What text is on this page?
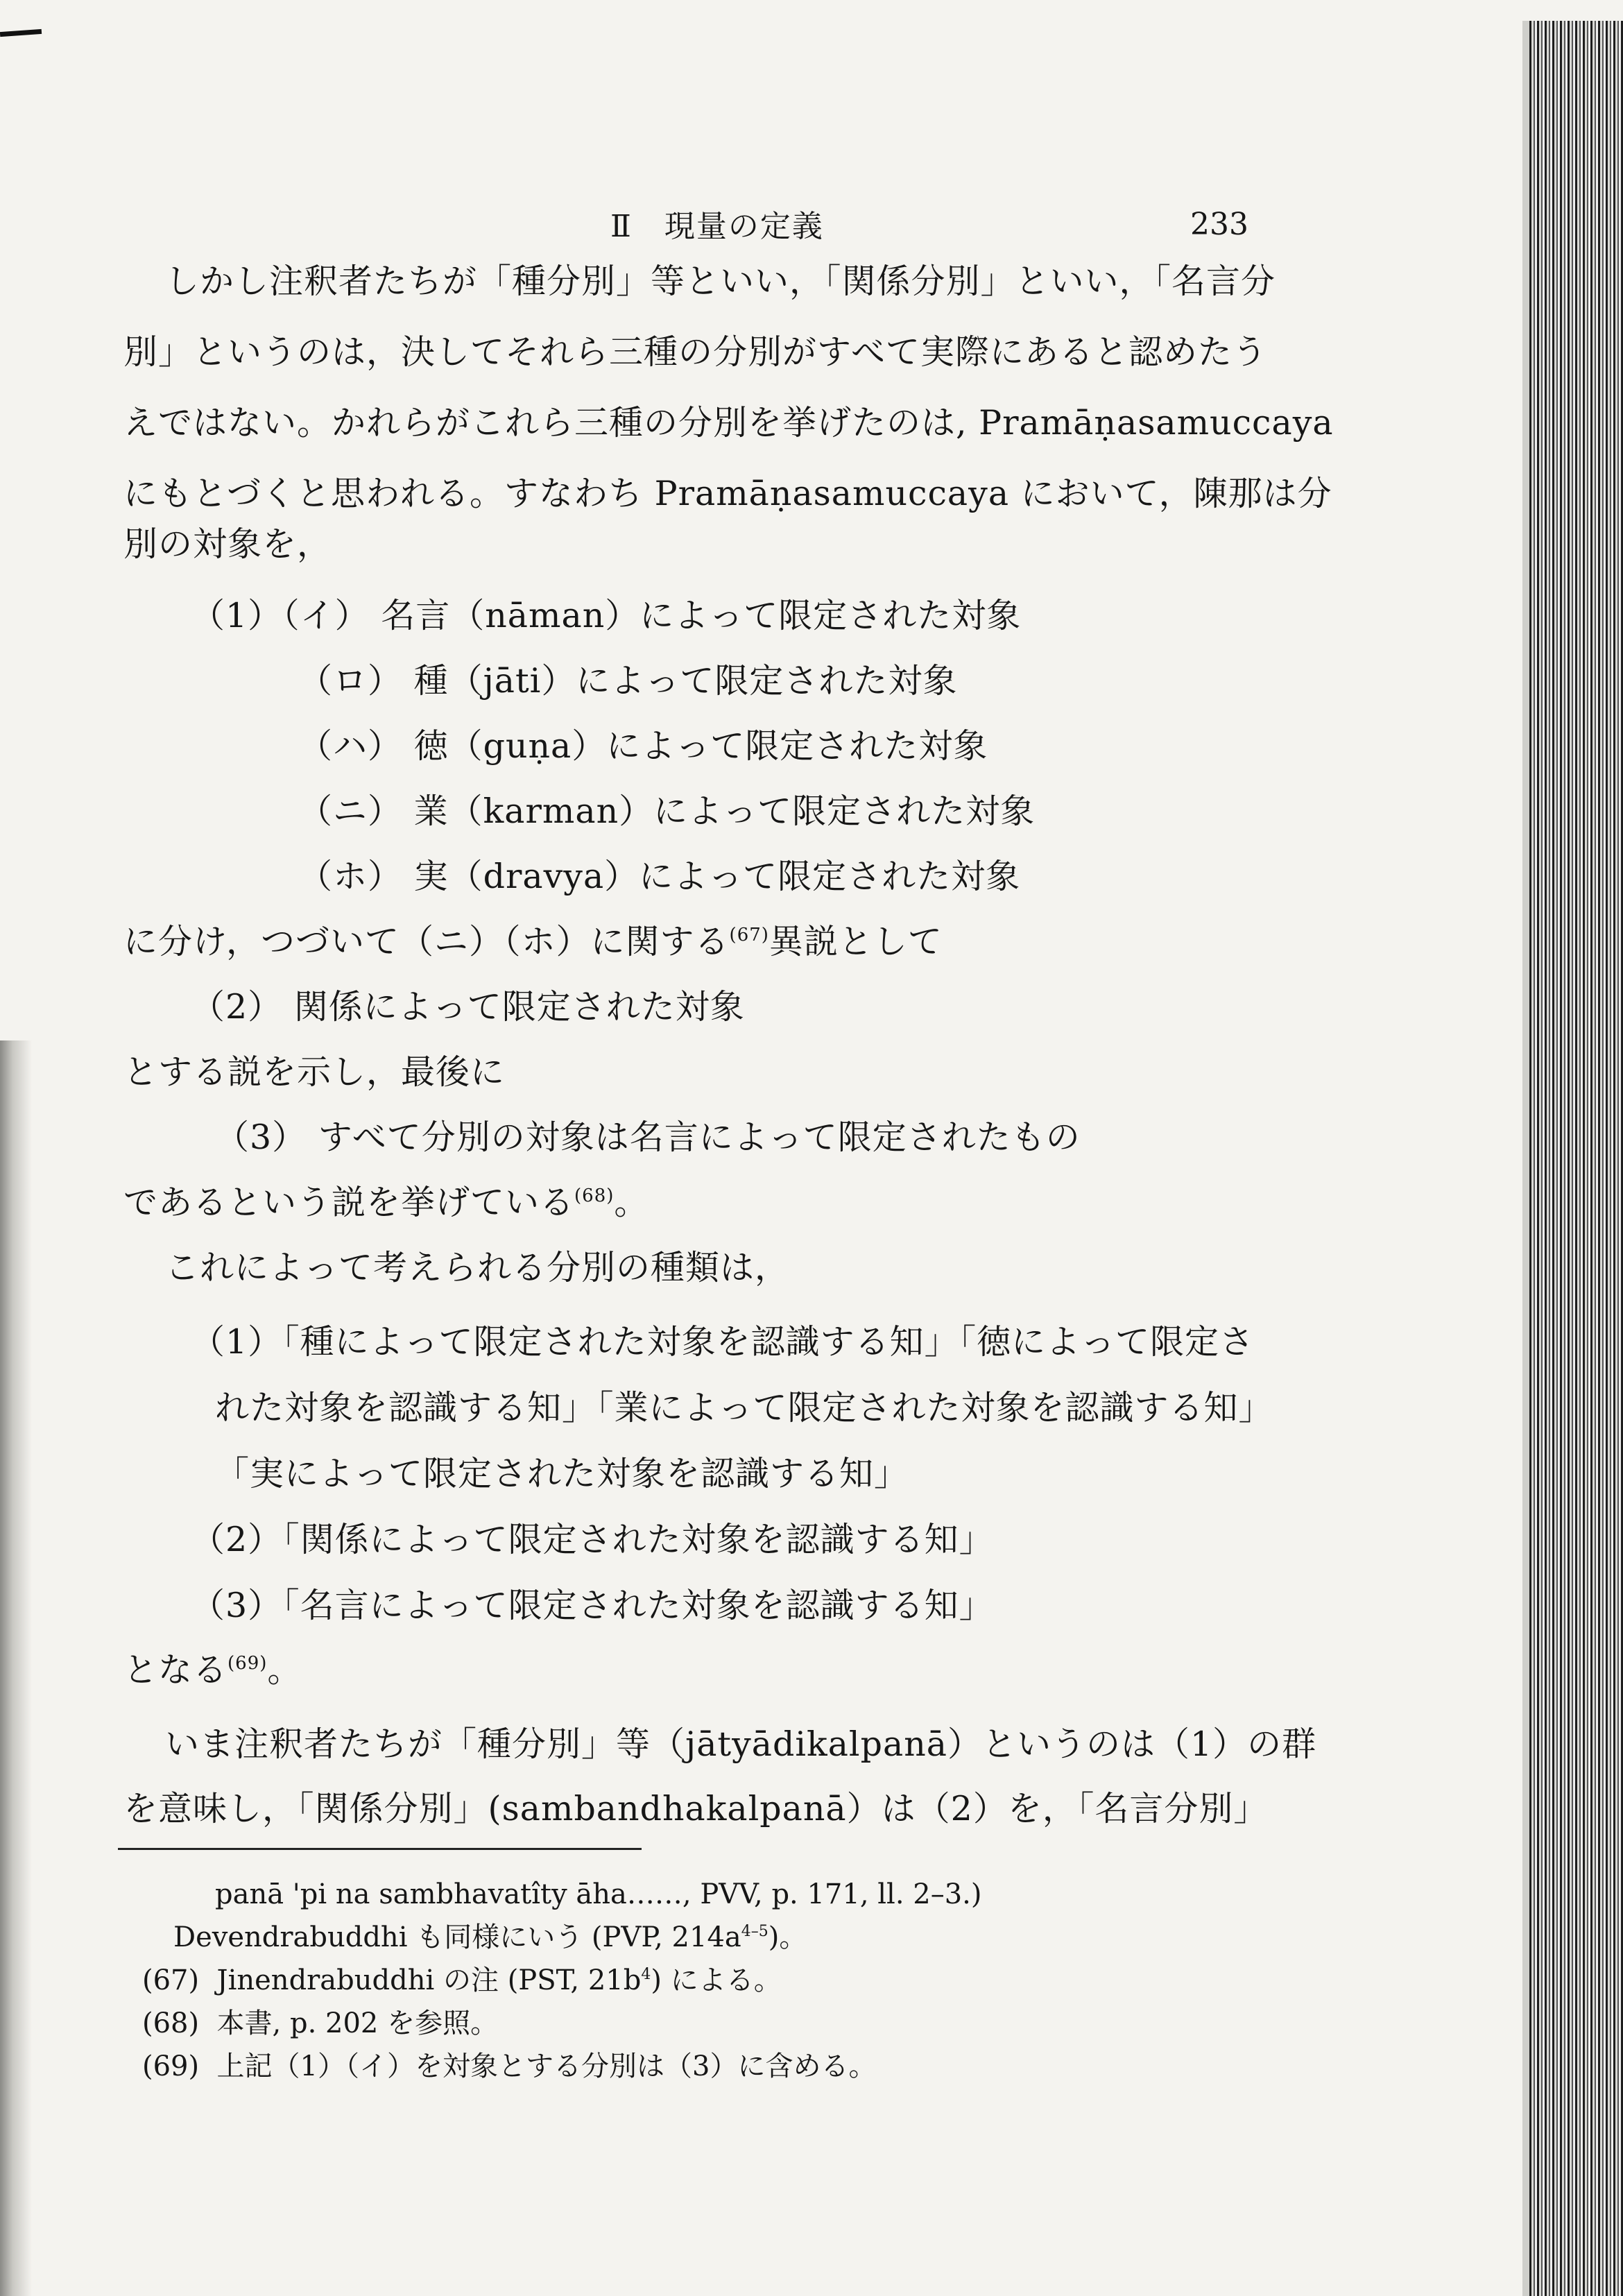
Ⅱ　現量の定義	233
しかし注釈者たちが「種分別」等といい，「関係分別」といい，「名言分
別」というのは，決してそれら三種の分別がすべて実際にあると認めたう
えではない。かれらがこれら三種の分別を挙げたのは, Pramāṇasamuccaya
にもとづくと思われる。すなわち Pramāṇasamuccaya において，陳那は分
別の対象を，
（1）（イ） 名言（nāman）によって限定された対象
（ロ） 種（jāti）によって限定された対象
（ハ） 徳（guṇa）によって限定された対象
（ニ） 業（karman）によって限定された対象
（ホ） 実（dravya）によって限定された対象
に分け，つづいて（ニ）（ホ）に関する$^{(67)}$異説として
（2） 関係によって限定された対象
とする説を示し，最後に
（3） すべて分別の対象は名言によって限定されたもの
であるという説を挙げている$^{(68)}$。
これによって考えられる分別の種類は，
（1）「種によって限定された対象を認識する知」「徳によって限定さ
れた対象を認識する知」「業によって限定された対象を認識する知」
「実によって限定された対象を認識する知」
（2）「関係によって限定された対象を認識する知」
（3）「名言によって限定された対象を認識する知」
となる$^{(69)}$。
いま注釈者たちが「種分別」等（jātyādikalpanā）というのは（1）の群
を意味し，「関係分別」(sambandhakalpanā）は（2）を，「名言分別」
panā 'pi na sambhavatîty āha……, PVV, p. 171, ll. 2–3.)
Devendrabuddhi も同様にいう (PVP, $214a^{4-5}$)。
(67) Jinendrabuddhi の注 (PST, $21b^4$) による。
(68) 本書, p. 202 を参照。
(69) 上記（1）（イ）を対象とする分別は（3）に含める。
